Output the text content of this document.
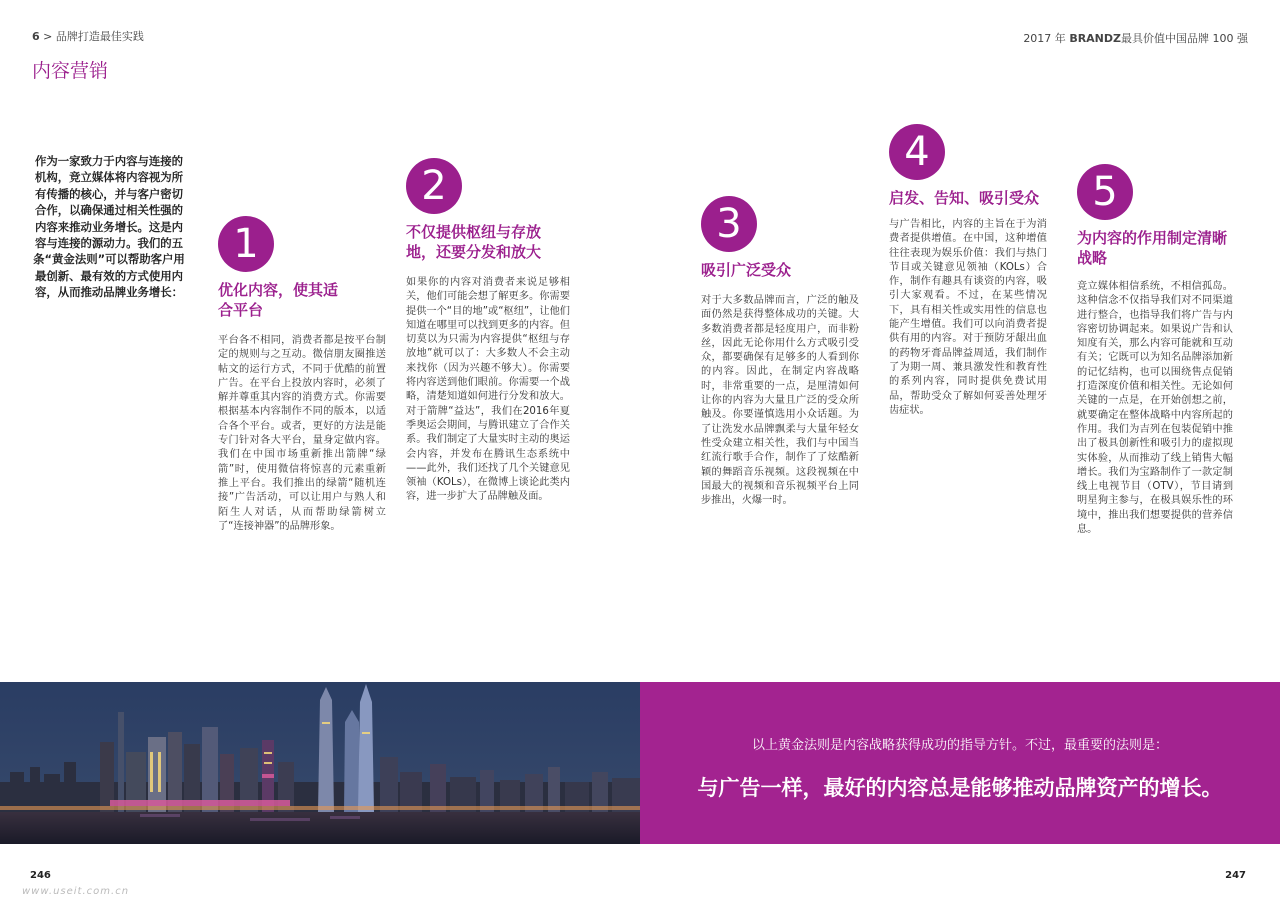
6 > 品牌打造最佳实践	2017 年 BRANDZ最具价值中国品牌 100 强
内容营销
作为一家致力于内容与连接的机构，竞立媒体将内容视为所有传播的核心，并与客户密切合作，以确保通过相关性强的内容来推动业务增长。这是内容与连接的源动力。我们的五条“黄金法则”可以帮助客户用最创新、最有效的方式使用内容，从而推动品牌业务增长：
1
优化内容，使其适合平台
平台各不相同，消费者都是按平台制定的规则与之互动。微信朋友圈推送帖文的运行方式，不同于优酷的前置广告。在平台上投放内容时，必须了解并尊重其内容的消费方式。你需要根据基本内容制作不同的版本，以适合各个平台。或者，更好的方法是能专门针对各大平台，量身定做内容。我们在中国市场重新推出箭牌“绿箭”时，使用微信将惊喜的元素重新推上平台。我们推出的绿箭“随机连接”广告活动，可以让用户与熟人和陌生人对话，从而帮助绿箭树立了“连接神器”的品牌形象。
2
不仅提供枢纽与存放地，还要分发和放大
如果你的内容对消费者来说足够相关，他们可能会想了解更多。你需要提供一个“目的地”或“枢纽”，让他们知道在哪里可以找到更多的内容。但切莫以为只需为内容提供“枢纽与存放地”就可以了：大多数人不会主动来找你（因为兴趣不够大）。你需要将内容送到他们眼前。你需要一个战略，清楚知道如何进行分发和放大。对于箭牌“益达”，我们在2016年夏季奥运会期间，与腾讯建立了合作关系。我们制定了大量实时主动的奥运会内容，并发布在腾讯生态系统中——此外，我们还找了几个关键意见领袖（KOLs），在微博上谈论此类内容，进一步扩大了品牌触及面。
3
吸引广泛受众
对于大多数品牌而言，广泛的触及面仍然是获得整体成功的关键。大多数消费者都是轻度用户，而非粉丝，因此无论你用什么方式吸引受众，都要确保有足够多的人看到你的内容。因此，在制定内容战略时，非常重要的一点，是厘清如何让你的内容为大量且广泛的受众所触及。你要谨慎选用小众话题。为了让洗发水品牌飘柔与大量年轻女性受众建立相关性，我们与中国当红流行歌手合作，制作了了炫酷新颖的舞蹈音乐视频。这段视频在中国最大的视频和音乐视频平台上同步推出，火爆一时。
4
启发、告知、吸引受众
与广告相比，内容的主旨在于为消费者提供增值。在中国，这种增值往往表现为娱乐价值：我们与热门节目或关键意见领袖（KOLs）合作，制作有趣具有谈资的内容，吸引大家观看。不过，在某些情况下，具有相关性或实用性的信息也能产生增值。我们可以向消费者提供有用的内容。对于预防牙龈出血的药物牙膏品牌益周适，我们制作了为期一周、兼具激发性和教育性的系列内容，同时提供免费试用品，帮助受众了解如何妥善处理牙齿症状。
5
为内容的作用制定清晰战略
竞立媒体相信系统，不相信孤岛。这种信念不仅指导我们对不同渠道进行整合，也指导我们将广告与内容密切协调起来。如果说广告和认知度有关，那么内容可能就和互动有关；它既可以为知名品牌添加新的记忆结构，也可以围绕售点促销打造深度价值和相关性。无论如何关键的一点是，在开始创想之前，就要确定在整体战略中内容所起的作用。我们为吉列在包装促销中推出了极具创新性和吸引力的虚拟现实体验，从而推动了线上销售大幅增长。我们为宝路制作了一款定制线上电视节目（OTV），节目请到明星狗主参与，在极具娱乐性的环境中，推出我们想要提供的营养信息。
以上黄金法则是内容战略获得成功的指导方针。不过，最重要的法则是：
与广告一样，最好的内容总是能够推动品牌资产的增长。
246	247
www.useit.com.cn
